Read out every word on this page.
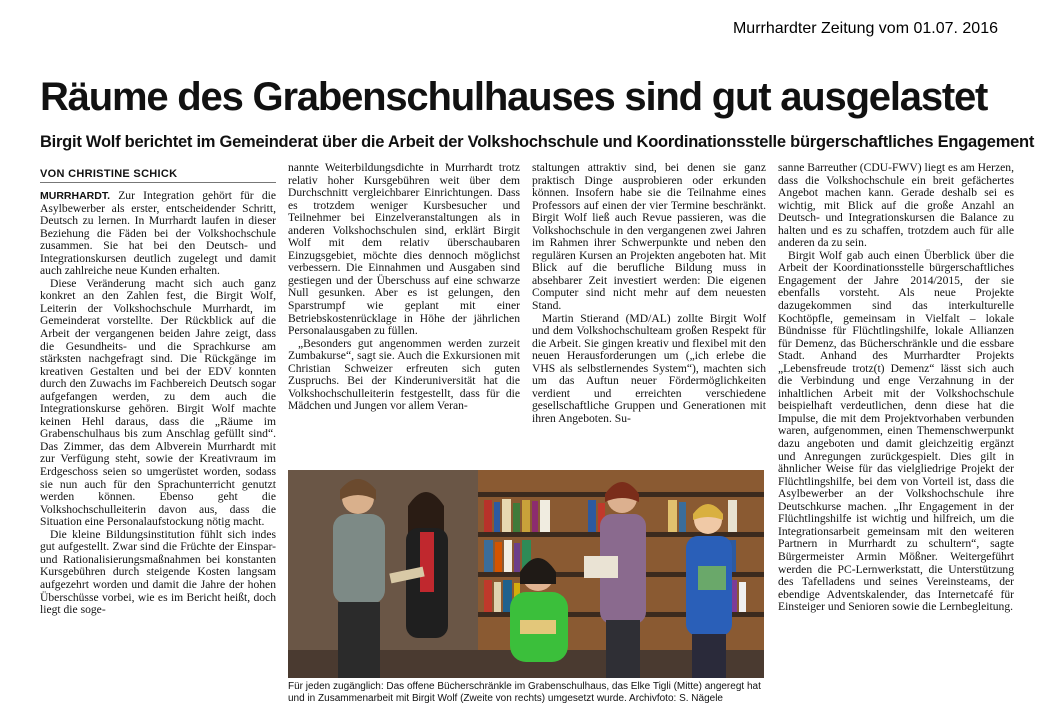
Murrhardter Zeitung vom 01.07. 2016
Räume des Grabenschulhauses sind gut ausgelastet
Birgit Wolf berichtet im Gemeinderat über die Arbeit der Volkshochschule und Koordinationsstelle bürgerschaftliches Engagement
VON CHRISTINE SCHICK

MURRHARDT. Zur Integration gehört für die Asylbewerber als erster, entscheidender Schritt, Deutsch zu lernen. In Murrhardt laufen in dieser Beziehung die Fäden bei der Volkshochschule zusammen. Sie hat bei den Deutsch- und Integrationskursen deutlich zugelegt und damit auch zahlreiche neue Kunden erhalten.

Diese Veränderung macht sich auch ganz konkret an den Zahlen fest, die Birgit Wolf, Leiterin der Volkshochschule Murrhardt, im Gemeinderat vorstellte. Der Rückblick auf die Arbeit der vergangenen beiden Jahre zeigt, dass die Gesundheits- und die Sprachkurse am stärksten nachgefragt sind. Die Rückgänge im kreativen Gestalten und bei der EDV konnten durch den Zuwachs im Fachbereich Deutsch sogar aufgefangen werden, zu dem auch die Integrationskurse gehören. Birgit Wolf machte keinen Hehl daraus, dass die „Räume im Grabenschulhaus bis zum Anschlag gefüllt sind“. Das Zimmer, das dem Albverein Murrhardt mit zur Verfügung steht, sowie der Kreativraum im Erdgeschoss seien so umgerüstet worden, sodass sie nun auch für den Sprachunterricht genutzt werden können. Ebenso geht die Volkshochschulleiterin davon aus, dass die Situation eine Personalaufstockung nötig macht.

Die kleine Bildungsinstitution fühlt sich indes gut aufgestellt. Zwar sind die Früchte der Einspar- und Rationalisierungsmaßnahmen bei konstanten Kursgebühren durch steigende Kosten langsam aufgezehrt worden und damit die Jahre der hohen Überschüsse vorbei, wie es im Bericht heißt, doch liegt die soge-

nannte Weiterbildungsdichte in Murrhardt trotz relativ hoher Kursgebühren weit über dem Durchschnitt vergleichbarer Einrichtungen. Dass es trotzdem weniger Kursbesucher und Teilnehmer bei Einzelveranstaltungen als in anderen Volkshochschulen sind, erklärt Birgit Wolf mit dem relativ überschaubaren Einzugsgebiet, möchte dies dennoch möglichst verbessern. Die Einnahmen und Ausgaben sind gestiegen und der Überschuss auf eine schwarze Null gesunken. Aber es ist gelungen, den Sparstrumpf wie geplant mit einer Betriebskostenrücklage in Höhe der jährlichen Personalausgaben zu füllen.

„Besonders gut angenommen werden zurzeit Zumbakurse“, sagt sie. Auch die Exkursionen mit Christian Schweizer erfreuten sich guten Zuspruchs. Bei der Kinderuniversität hat die Volkshochschulleiterin festgestellt, dass für die Mädchen und Jungen vor allem Veran-

staltungen attraktiv sind, bei denen sie ganz praktisch Dinge ausprobieren oder erkunden können. Insofern habe sie die Teilnahme eines Professors auf einen der vier Termine beschränkt. Birgit Wolf ließ auch Revue passieren, was die Volkshochschule in den vergangenen zwei Jahren im Rahmen ihrer Schwerpunkte und neben den regulären Kursen an Projekten angeboten hat. Mit Blick auf die berufliche Bildung muss in absehbarer Zeit investiert werden: Die eigenen Computer sind nicht mehr auf dem neuesten Stand.

Martin Stierand (MD/AL) zollte Birgit Wolf und dem Volkshochschulteam großen Respekt für die Arbeit. Sie gingen kreativ und flexibel mit den neuen Herausforderungen um („ich erlebe die VHS als selbstlernendes System“), machten sich um das Auftun neuer Fördermöglichkeiten verdient und erreichten verschiedene gesellschaftliche Gruppen und Generationen mit ihren Angeboten. Su-

sanne Barreuther (CDU-FWV) liegt es am Herzen, dass die Volkshochschule ein breit gefächertes Angebot machen kann. Gerade deshalb sei es wichtig, mit Blick auf die große Anzahl an Deutsch- und Integrationskursen die Balance zu halten und es zu schaffen, trotzdem auch für alle anderen da zu sein.

Birgit Wolf gab auch einen Überblick über die Arbeit der Koordinationsstelle bürgerschaftliches Engagement der Jahre 2014/2015, der sie ebenfalls vorsteht. Als neue Projekte dazugekommen sind das interkulturelle Kochtöpfle, gemeinsam in Vielfalt – lokale Bündnisse für Flüchtlingshilfe, lokale Allianzen für Demenz, das Bücherschränkle und die essbare Stadt. Anhand des Murrhardter Projekts „Lebensfreude trotz(t) Demenz“ lässt sich auch die Verbindung und enge Verzahnung in der inhaltlichen Arbeit mit der Volkshochschule beispielhaft verdeutlichen, denn diese hat die Impulse, die mit dem Projektvorhaben verbunden waren, aufgenommen, einen Themenschwerpunkt dazu angeboten und damit gleichzeitig ergänzt und Anregungen zurückgespielt. Dies gilt in ähnlicher Weise für das vielgliedrige Projekt der Flüchtlingshilfe, bei dem von Vorteil ist, dass die Asylbewerber an der Volkshochschule ihre Deutschkurse machen. „Ihr Engagement in der Flüchtlingshilfe ist wichtig und hilfreich, um die Integrationsarbeit gemeinsam mit den weiteren Partnern in Murrhardt zu schultern“, sagte Bürgermeister Armin Mößner. Weitergeführt werden die PC-Lernwerkstatt, die Unterstützung des Tafelladens und seines Vereinsteams, der ebendige Adventskalender, das Internetcafé für Einsteiger und Senioren sowie die Lernbegleitung.

Für jeden zugänglich: Das offene Bücherschränkle im Grabenschulhaus, das Elke Tigli (Mitte) angeregt hat und in Zusammenarbeit mit Birgit Wolf (Zweite von rechts) umgesetzt wurde. Archivfoto: S. Nägele
